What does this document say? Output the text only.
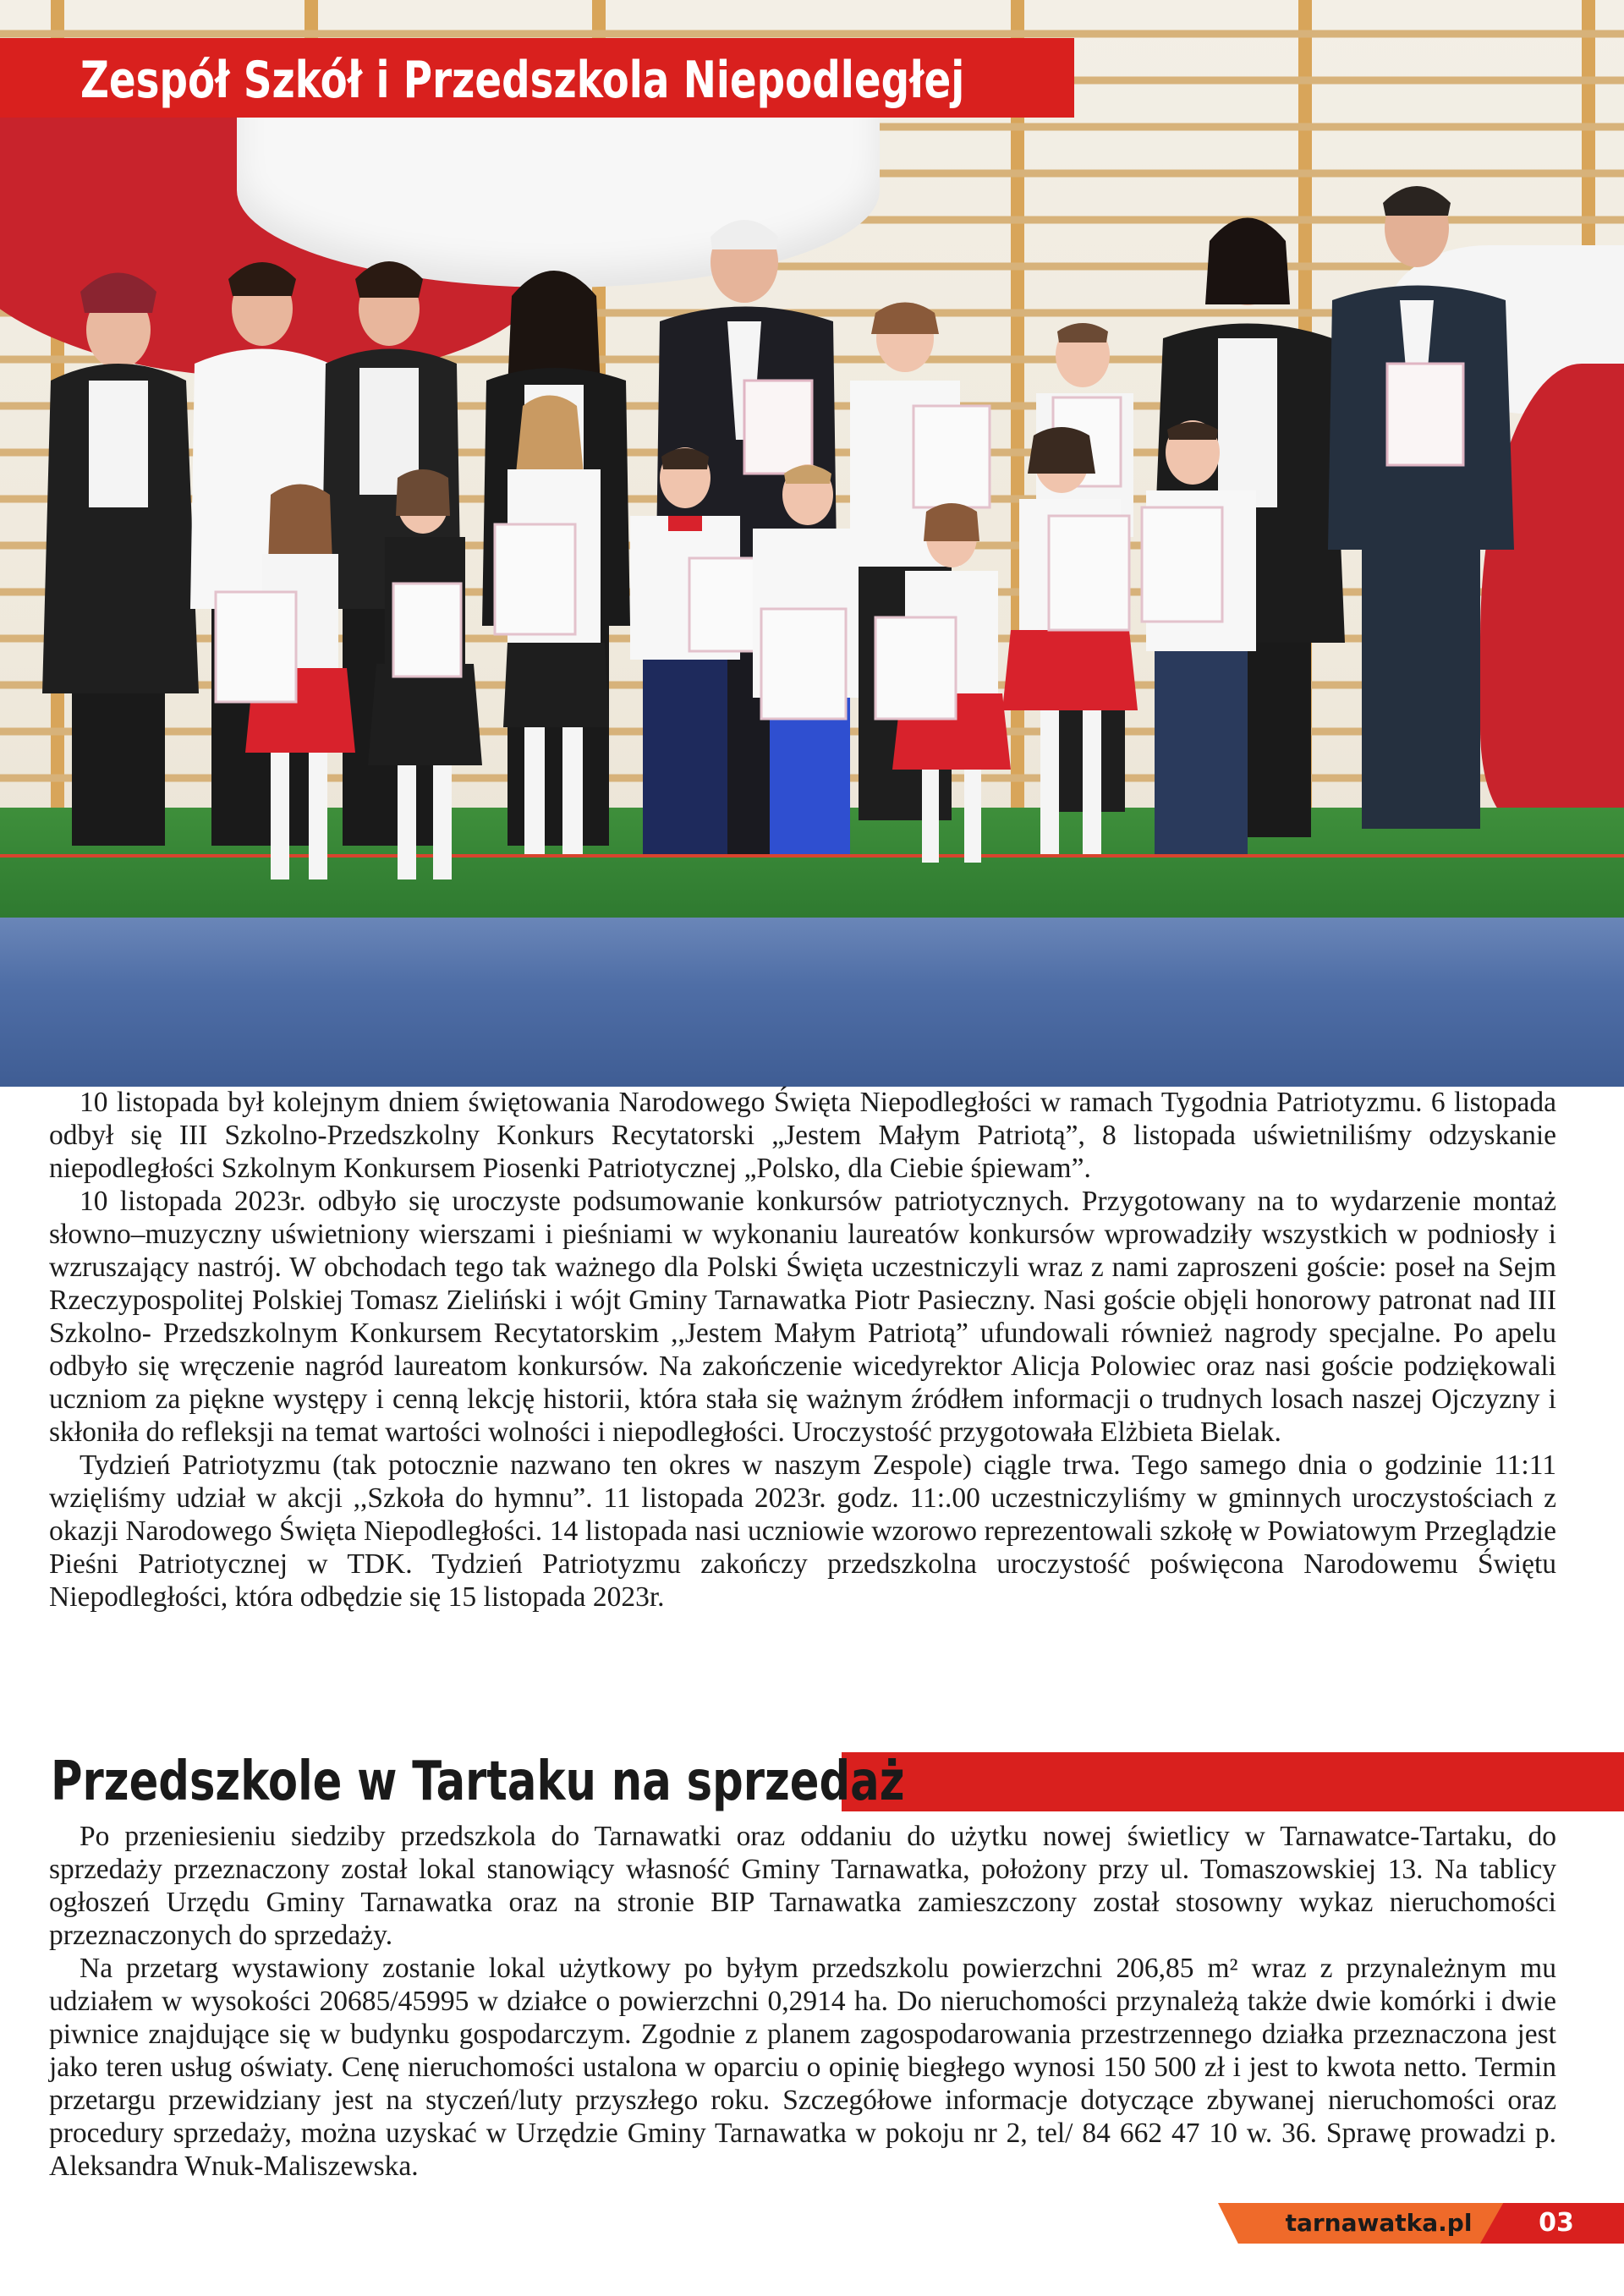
Zespół Szkół i Przedszkola Niepodległej

10 listopada był kolejnym dniem świętowania Narodowego Święta Niepodległości w ramach Tygodnia Patriotyzmu. 6 listopada odbył się III Szkolno-Przedszkolny Konkurs Recytatorski „Jestem Małym Patriotą”, 8 listopada uświetniliśmy odzyskanie niepodległości Szkolnym Konkursem Piosenki Patriotycznej „Polsko, dla Ciebie śpiewam”.

10 listopada 2023r. odbyło się uroczyste podsumowanie konkursów patriotycznych. Przygotowany na to wydarzenie montaż słowno–muzyczny uświetniony wierszami i pieśniami w wykonaniu laureatów konkursów wprowadziły wszystkich w podniosły i wzruszający nastrój. W obchodach tego tak ważnego dla Polski Święta uczestniczyli wraz z nami zaproszeni goście: poseł na Sejm Rzeczypospolitej Polskiej Tomasz Zieliński i wójt Gminy Tarnawatka Piotr Pasieczny. Nasi goście objęli honorowy patronat nad III Szkolno- Przedszkolnym Konkursem Recytatorskim ,,Jestem Małym Patriotą” ufundowali również nagrody specjalne. Po apelu odbyło się wręczenie nagród laureatom konkursów. Na zakończenie wicedyrektor Alicja Polowiec oraz nasi goście podziękowali uczniom za piękne występy i cenną lekcję historii, która stała się ważnym źródłem informacji o trudnych losach naszej Ojczyzny i skłoniła do refleksji na temat wartości wolności i niepodległości. Uroczystość przygotowała Elżbieta Bielak.

Tydzień Patriotyzmu (tak potocznie nazwano ten okres w naszym Zespole) ciągle trwa. Tego samego dnia o godzinie 11:11 wzięliśmy udział w akcji ,,Szkoła do hymnu”. 11 listopada 2023r. godz. 11:.00 uczestniczyliśmy w gminnych uroczystościach z okazji Narodowego Święta Niepodległości. 14 listopada nasi uczniowie wzorowo reprezentowali szkołę w Powiatowym Przeglądzie Pieśni Patriotycznej w TDK. Tydzień Patriotyzmu zakończy przedszkolna uroczystość poświęcona Narodowemu Świętu Niepodległości, która odbędzie się 15 listopada 2023r.

Przedszkole w Tartaku na sprzedaż

Po przeniesieniu siedziby przedszkola do Tarnawatki oraz oddaniu do użytku nowej świetlicy w Tarnawatce-Tartaku, do sprzedaży przeznaczony został lokal stanowiący własność Gminy Tarnawatka, położony przy ul. Tomaszowskiej 13. Na tablicy ogłoszeń Urzędu Gminy Tarnawatka oraz na stronie BIP Tarnawatka zamieszczony został stosowny wykaz nieruchomości przeznaczonych do sprzedaży.

Na przetarg wystawiony zostanie lokal użytkowy po byłym przedszkolu powierzchni 206,85 m² wraz z przynależnym mu udziałem w wysokości 20685/45995 w działce o powierzchni 0,2914 ha. Do nieruchomości przynależą także dwie komórki i dwie piwnice znajdujące się w budynku gospodarczym. Zgodnie z planem zagospodarowania przestrzennego działka przeznaczona jest jako teren usług oświaty. Cenę nieruchomości ustalona w oparciu o opinię biegłego wynosi 150 500 zł i jest to kwota netto. Termin przetargu przewidziany jest na styczeń/luty przyszłego roku. Szczegółowe informacje dotyczące zbywanej nieruchomości oraz procedury sprzedaży, można uzyskać w Urzędzie Gminy Tarnawatka w pokoju nr 2, tel/ 84 662 47 10 w. 36. Sprawę prowadzi p. Aleksandra Wnuk-Maliszewska.

tarnawatka.pl	03
